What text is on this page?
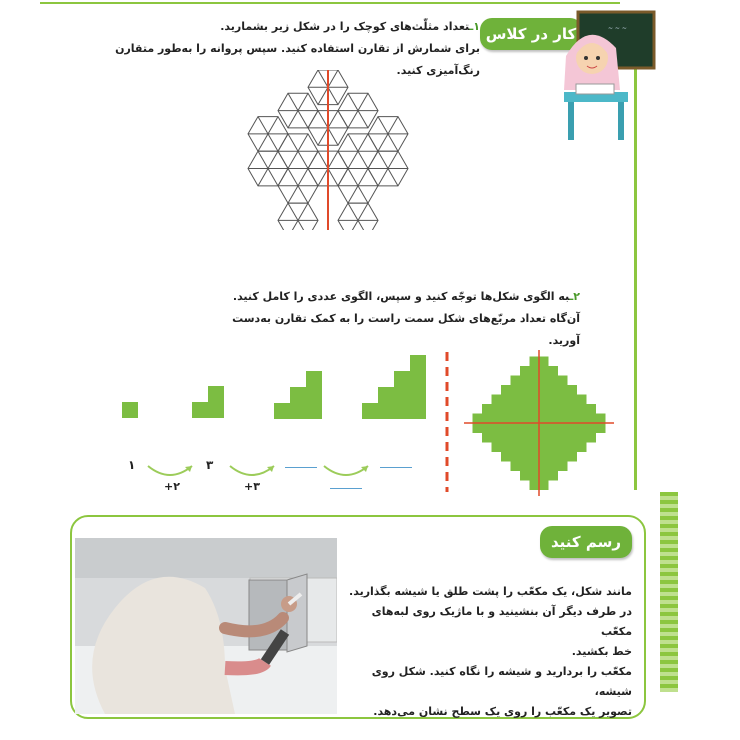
کار در کلاس	~ ~ ~
۱ـتعداد مثلّث‌های کوچک را در شکل زیر بشمارید.
برای شمارش از تقارن استفاده کنید. سپس پروانه را به‌طور متقارن رنگ‌آمیزی کنید.
۲ـبه الگوی شکل‌ها توجّه کنید و سپس، الگوی عددی را کامل کنید.
آن‌گاه تعداد مربّع‌های شکل سمت راست را به کمک تقارن به‌دست آورید.
۱	۳
+۲	+۳
رسم کنید
مانند شکل، یک مکعّب را پشت طلق یا شیشه بگذارید.
در طرف دیگر آن بنشینید و با ماژیک روی لبه‌های مکعّب
خط بکشید.
مکعّب را بردارید و شیشه را نگاه کنید. شکل روی شیشه،
تصویر یک مکعّب را روی یک سطح نشان می‌دهد.
